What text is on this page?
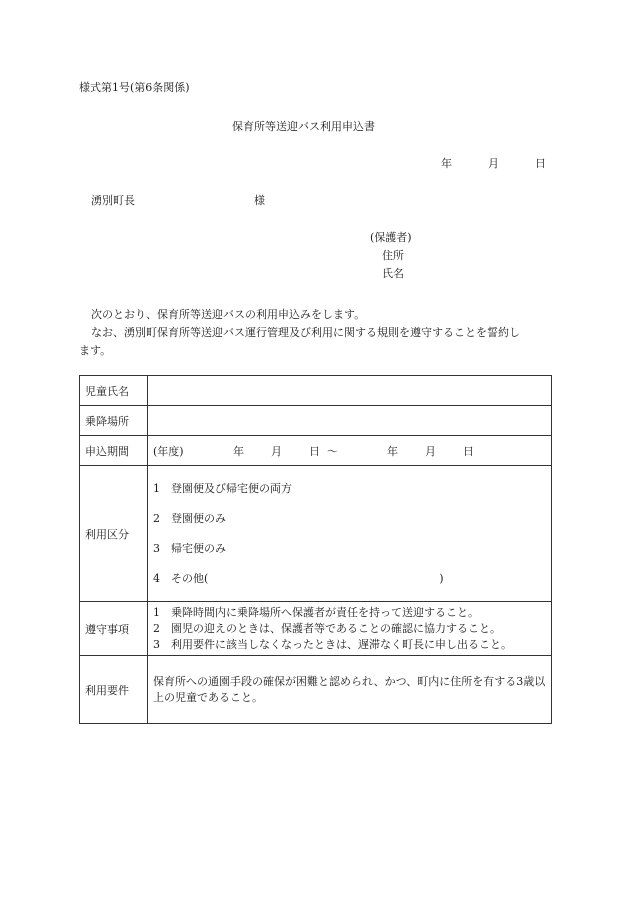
様式第1号(第6条関係)
保育所等送迎バス利用申込書
年	月	日
湧別町長	様
(保護者)
住所
氏名

次のとおり、保育所等送迎バスの利用申込みをします。

なお、湧別町保育所等送迎バス運行管理及び利用に関する規則を遵守することを誓約し

ます。

児童氏名	
乗降場所	
申込期間	(年度) 年 月 日 〜 年 月 日
利用区分	1　登園便及び帰宅便の両方
2　登園便のみ
3　帰宅便のみ
4　その他(　　　　　　　　　　　　　　　　　　　　　)

遵守事項	1　乗降時間内に乗降場所へ保護者が責任を持って送迎すること。
2　園児の迎えのときは、保護者等であることの確認に協力すること。
3　利用要件に該当しなくなったときは、遅滞なく町長に申し出ること。

利用要件	保育所への通園手段の確保が困難と認められ、かつ、町内に住所を有する3歳以上の児童であること。
